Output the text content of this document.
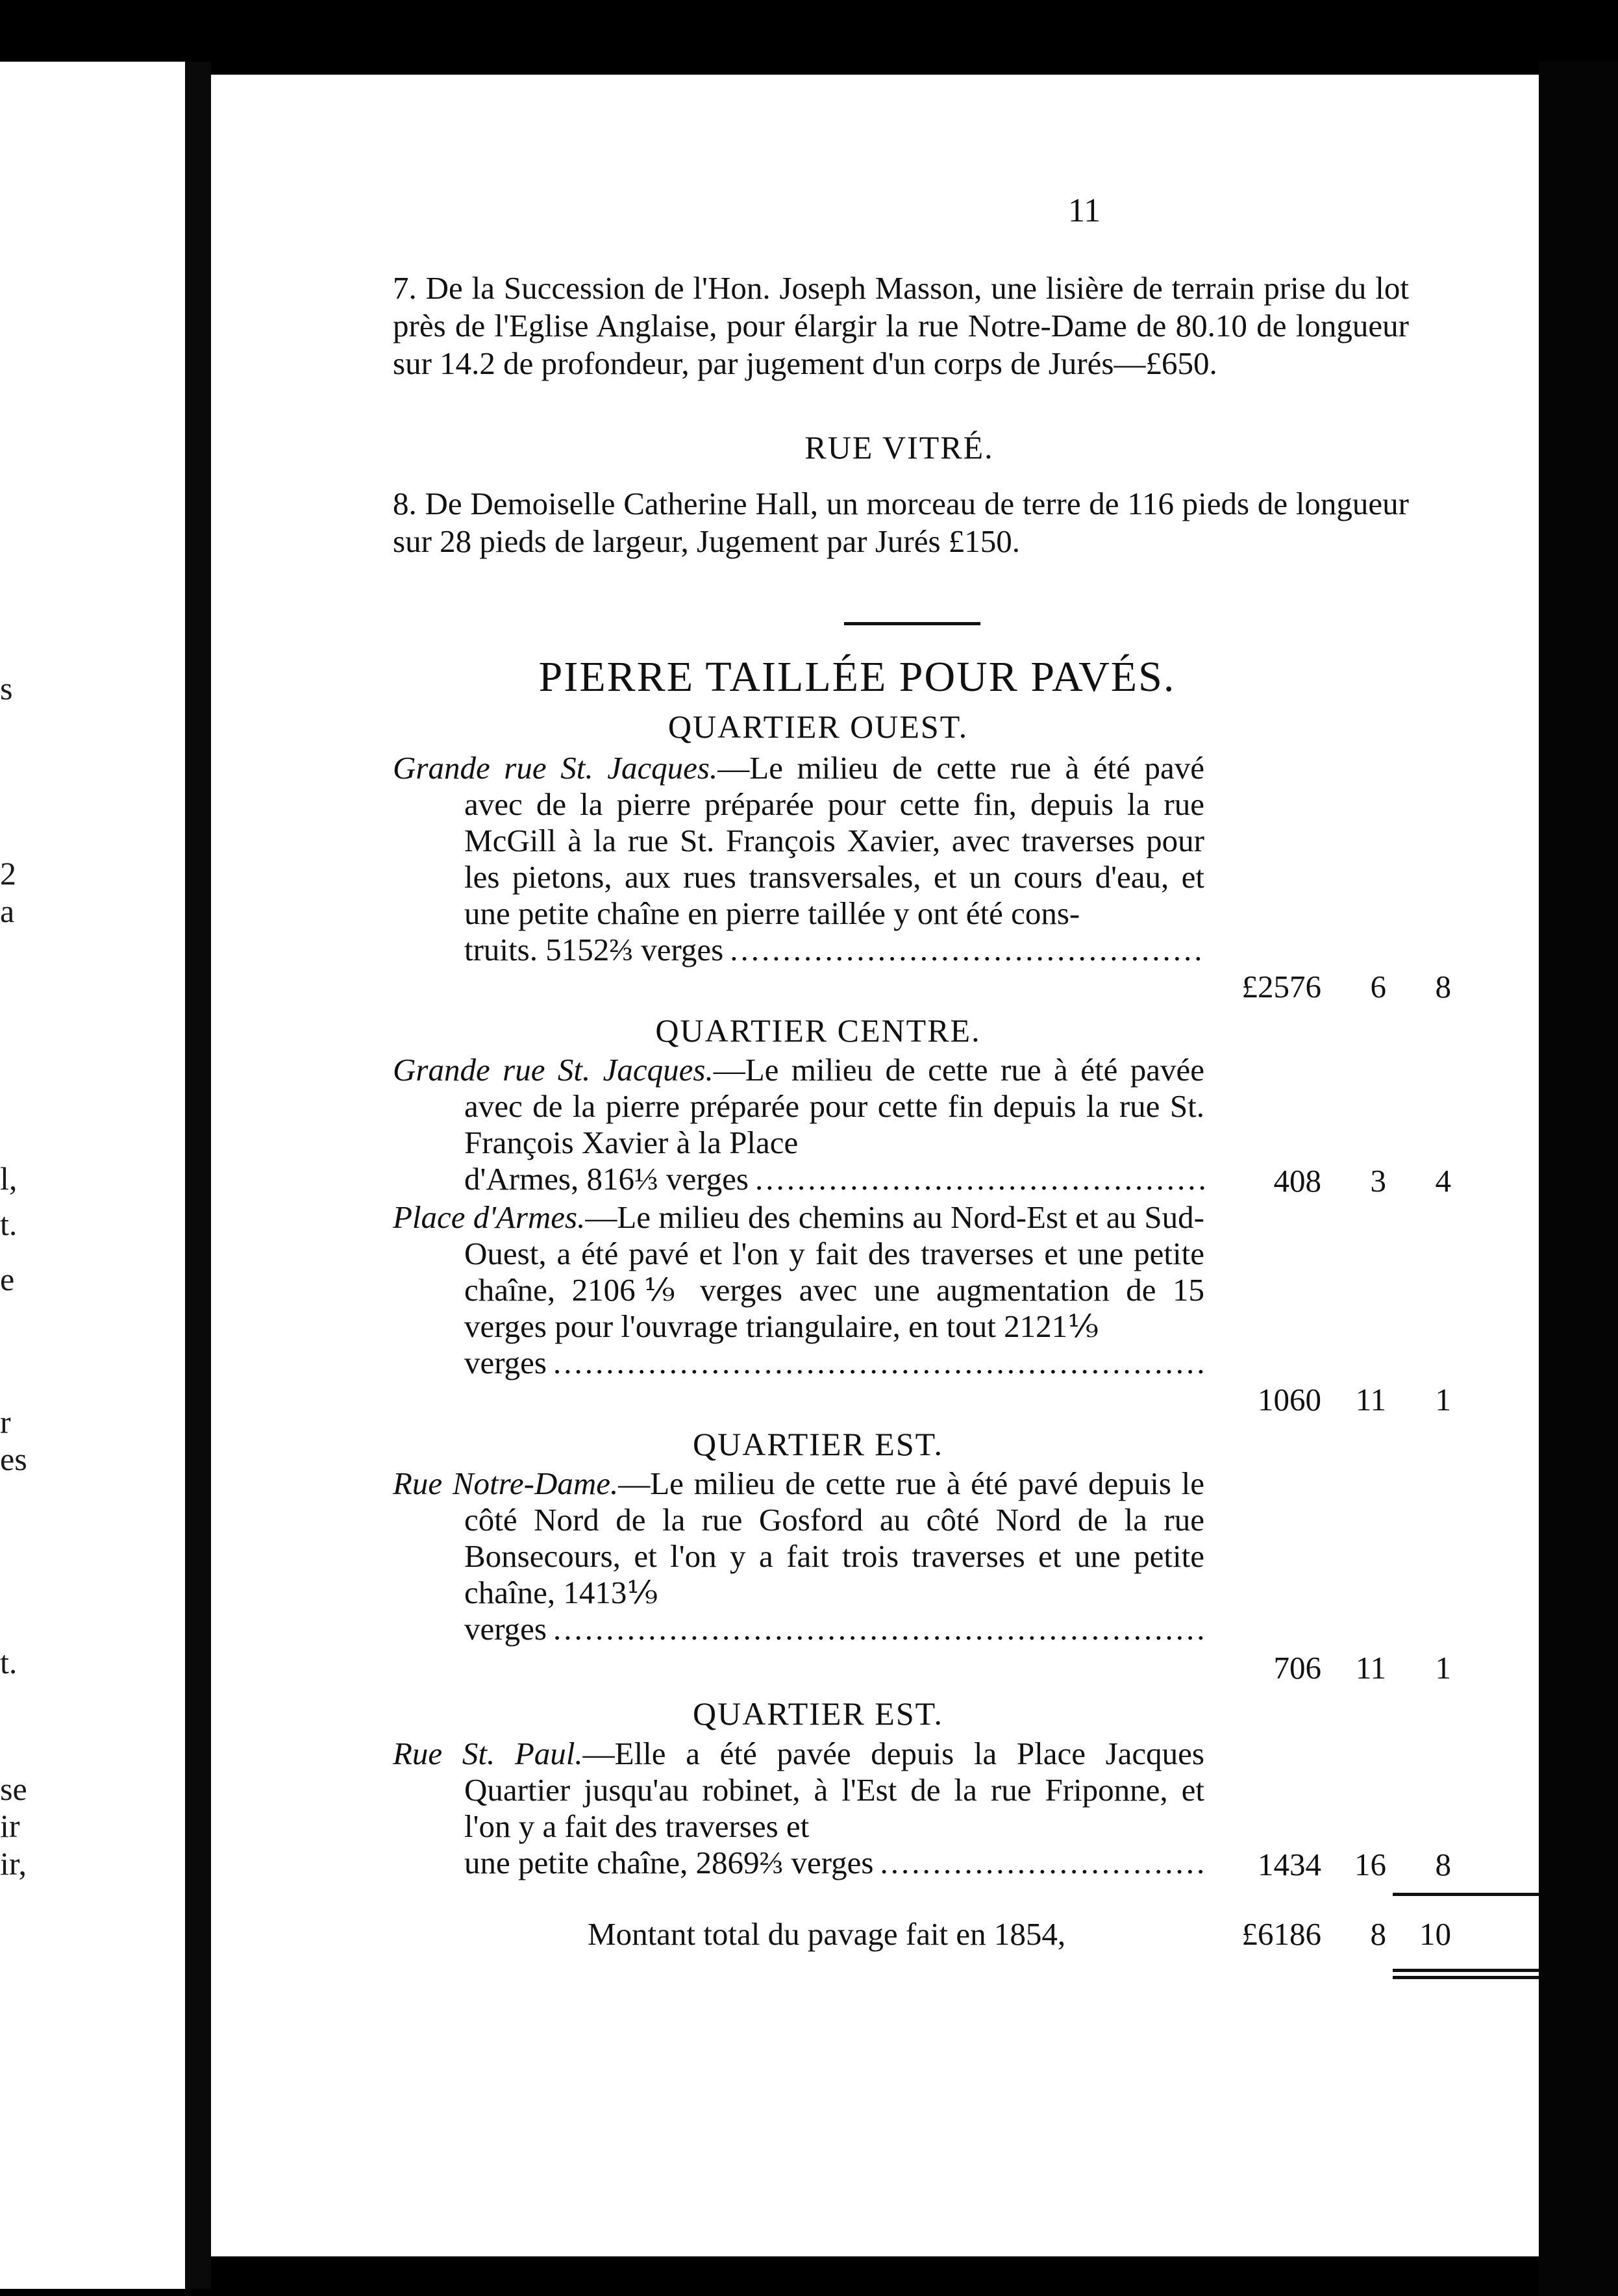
s
2
a
l,
t.
e
r
es
t.
se
ir
ir,
11
7. De la Succession de l'Hon. Joseph Masson, une lisière de terrain prise du lot près de l'Eglise Anglaise, pour élargir la rue Notre-Dame de 80.10 de longueur sur 14.2 de profondeur, par jugement d'un corps de Jurés—£650.
RUE VITRÉ.
8. De Demoiselle Catherine Hall, un morceau de terre de 116 pieds de longueur sur 28 pieds de largeur, Jugement par Jurés £150.
PIERRE TAILLÉE POUR PAVÉS.
QUARTIER OUEST.
Grande rue St. Jacques.—Le milieu de cette rue à été pavé avec de la pierre préparée pour cette fin, depuis la rue McGill à la rue St. François Xavier, avec traverses pour les pietons, aux rues transversales, et un cours d'eau, et une petite chaîne en pierre taillée y ont été cons-
truits. 5152⅔ verges
.....
£2576	6	8
QUARTIER CENTRE.
Grande rue St. Jacques.—Le milieu de cette rue à été pavée avec de la pierre préparée pour cette fin depuis la rue St. François Xavier à la Place
d'Armes, 816⅓ verges .....	408	3	4
Place d'Armes.—Le milieu des chemins au Nord-Est et au Sud-Ouest, a été pavé et l'on y fait des traverses et une petite chaîne, 2106⅑ verges avec une augmentation de 15 verges pour l'ouvrage triangulaire, en tout 2121⅑
verges
.....
1060	11	1
QUARTIER EST.
Rue Notre-Dame.—Le milieu de cette rue à été pavé depuis le côté Nord de la rue Gosford au côté Nord de la rue Bonsecours, et l'on y a fait trois traverses et une petite chaîne, 1413⅑
verges
.....
706	11	1
QUARTIER EST.
Rue St. Paul.—Elle a été pavée depuis la Place Jacques Quartier jusqu'au robinet, à l'Est de la rue Friponne, et l'on y a fait des traverses et
une petite chaîne, 2869⅔ verges .....	1434	16	8
Montant total du pavage fait en 1854,	£6186	8	10
